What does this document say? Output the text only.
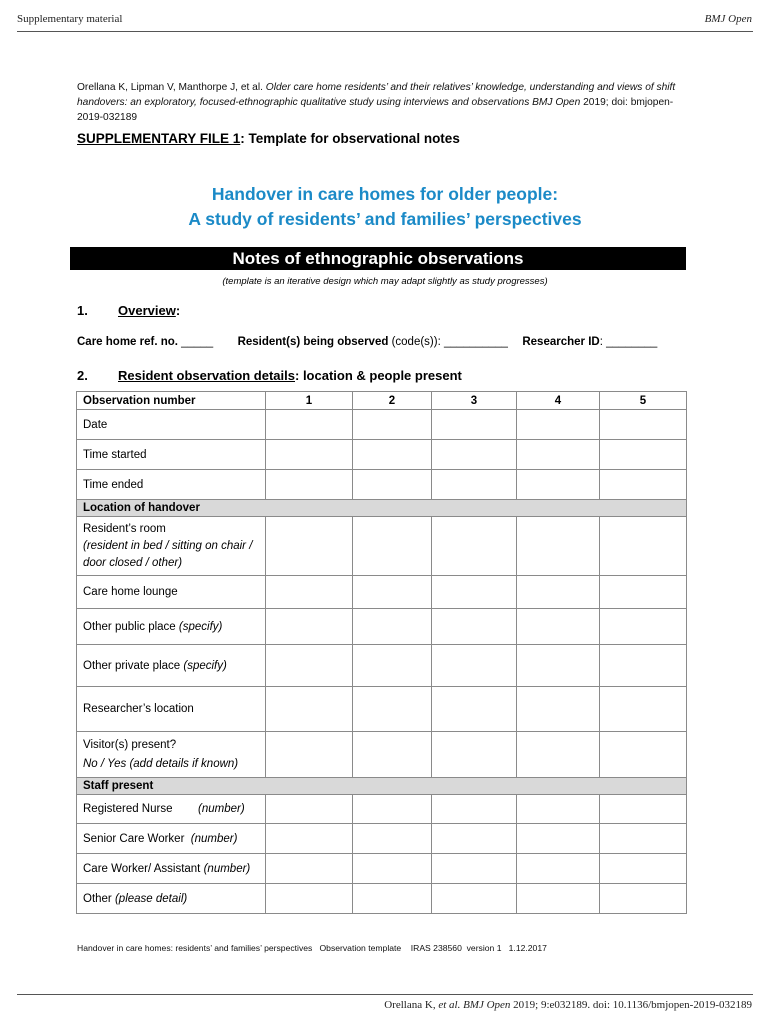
Supplementary material	BMJ Open
Orellana K, Lipman V, Manthorpe J, et al. Older care home residents’ and their relatives’ knowledge, understanding and views of shift handovers: an exploratory, focused-ethnographic qualitative study using interviews and observations BMJ Open 2019; doi: bmjopen-2019-032189
SUPPLEMENTARY FILE 1: Template for observational notes
Handover in care homes for older people:
A study of residents’ and families’ perspectives
Notes of ethnographic observations
(template is an iterative design which may adapt slightly as study progresses)
1. Overview:
Care home ref. no. _____ Resident(s) being observed (code(s)): __________ Researcher ID: ________
2. Resident observation details: location & people present
Observation number	1	2	3	4	5
Date					
Time started					
Time ended					
Location of handover					
Resident’s room
(resident in bed / sitting on chair / door closed / other)					
Care home lounge					
Other public place (specify)					
Other private place (specify)					
Researcher’s location					
Visitor(s) present?
No / Yes (add details if known)					
Staff present					
Registered Nurse (number)					
Senior Care Worker (number)					
Care Worker/ Assistant (number)					
Other (please detail)					
Handover in care homes: residents’ and families’ perspectives   Observation template    IRAS 238560  version 1   1.12.2017
Orellana K, et al. BMJ Open 2019; 9:e032189. doi: 10.1136/bmjopen-2019-032189
